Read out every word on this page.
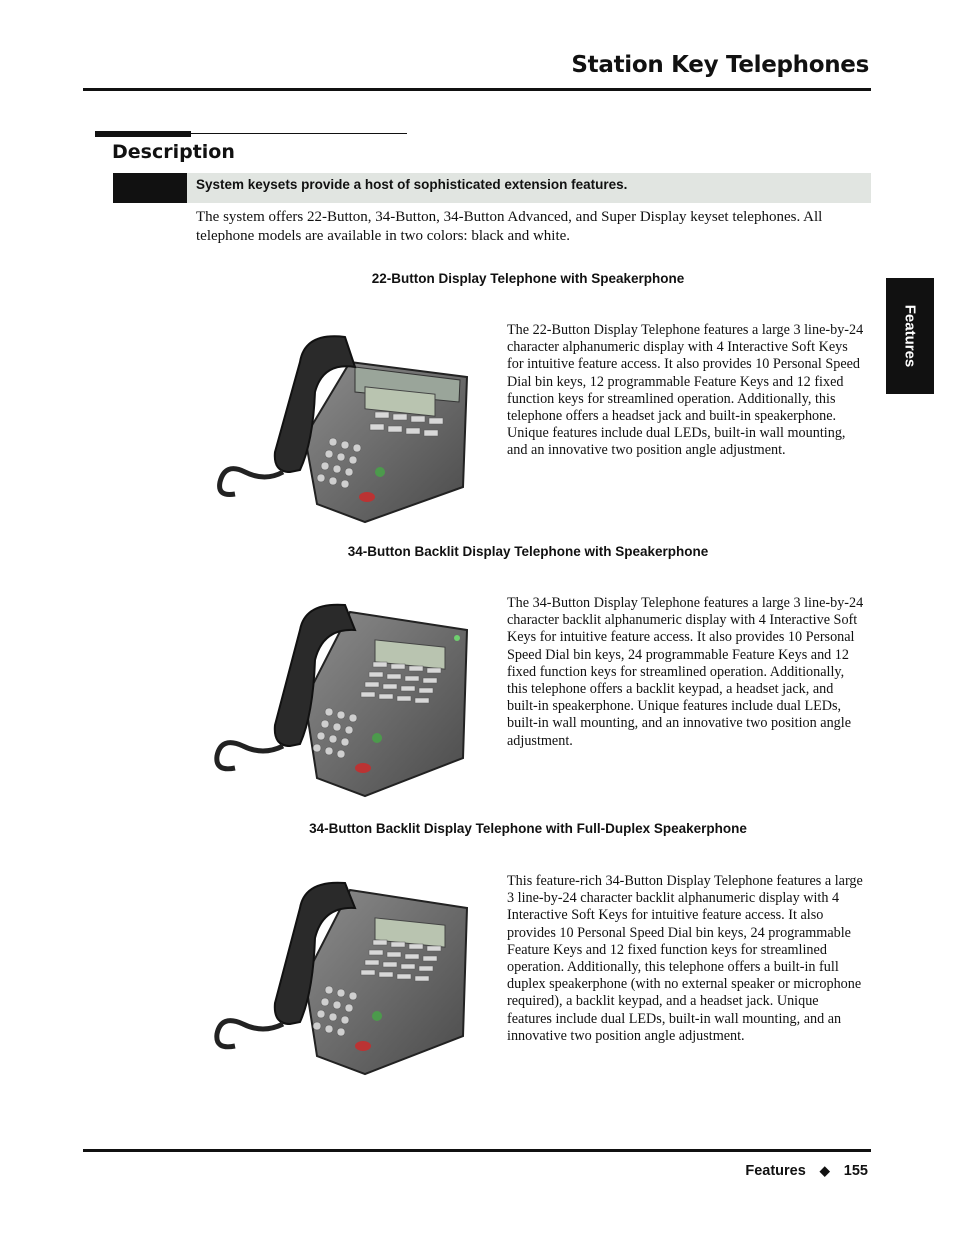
Station Key Telephones
Description
System keysets provide a host of sophisticated extension features.
The system offers 22-Button, 34-Button, 34-Button Advanced, and Super Display keyset telephones. All telephone models are available in two colors: black and white.
22-Button Display Telephone with Speakerphone
The 22-Button Display Telephone features a large 3 line-by-24 character alphanumeric display with 4 Interactive Soft Keys for intuitive feature access. It also provides 10 Personal Speed Dial bin keys, 12 programmable Feature Keys and 12 fixed function keys for streamlined operation. Additionally, this telephone offers a headset jack and built-in speakerphone. Unique features include dual LEDs, built-in wall mounting, and an innovative two position angle adjustment.
34-Button Backlit Display Telephone with Speakerphone
The 34-Button Display Telephone features a large 3 line-by-24 character backlit alphanumeric display with 4 Interactive Soft Keys for intuitive feature access. It also provides 10 Personal Speed Dial bin keys, 24 programmable Feature Keys and 12 fixed function keys for streamlined operation. Additionally, this telephone offers a backlit keypad, a headset jack, and built-in speakerphone. Unique features include dual LEDs, built-in wall mounting, and an innovative two position angle adjustment.
34-Button Backlit Display Telephone with Full-Duplex Speakerphone
This feature-rich 34-Button Display Telephone features a large 3 line-by-24 character backlit alphanumeric display with 4 Interactive Soft Keys for intuitive feature access. It also provides 10 Personal Speed Dial bin keys, 24 programmable Feature Keys and 12 fixed function keys for streamlined operation. Additionally, this telephone offers a built-in full duplex speakerphone (with no external speaker or microphone required), a backlit keypad, and a headset jack. Unique features include dual LEDs, built-in wall mounting, and an innovative two position angle adjustment.
Features
Features ◆ 155
